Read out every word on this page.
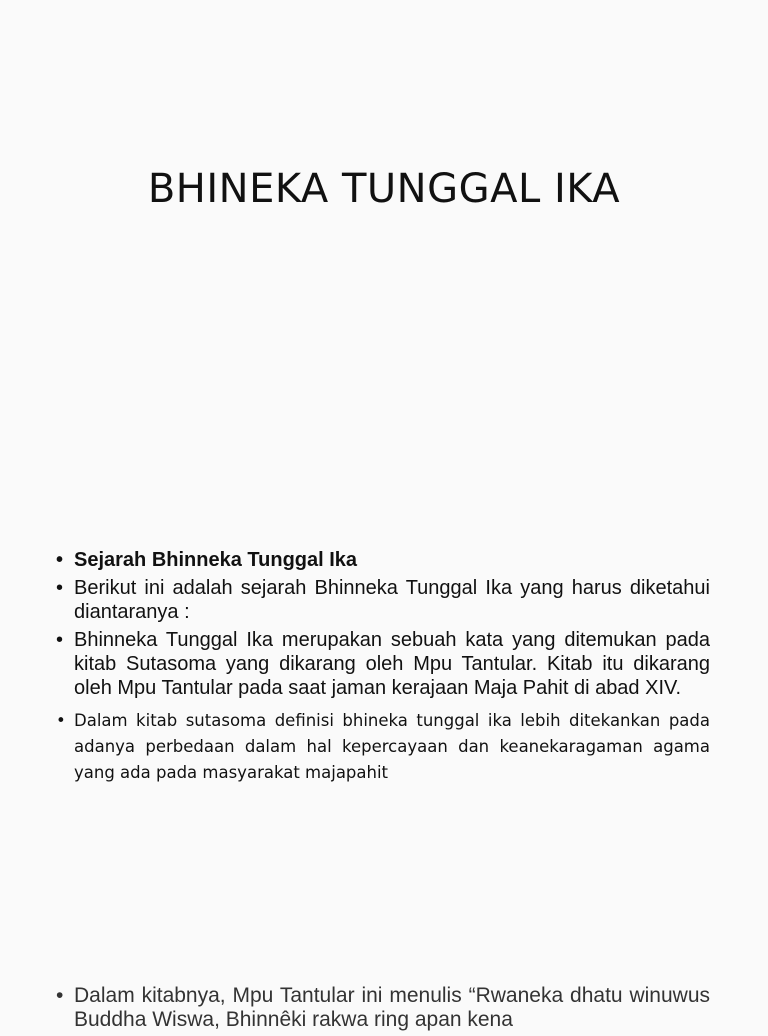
BHINEKA TUNGGAL IKA
• Sejarah Bhinneka Tunggal Ika
• Berikut ini adalah sejarah Bhinneka Tunggal Ika yang harus diketahui diantaranya :
• Bhinneka Tunggal Ika merupakan sebuah kata yang ditemukan pada kitab Sutasoma yang dikarang oleh Mpu Tantular. Kitab itu dikarang oleh Mpu Tantular pada saat jaman kerajaan Maja Pahit di abad XIV.
• Dalam kitab sutasoma definisi bhineka tunggal ika lebih ditekankan pada adanya perbedaan dalam hal kepercayaan dan keanekaragaman agama yang ada pada masyarakat majapahit
• Dalam kitabnya, Mpu Tantular ini menulis “Rwaneka dhatu winuwus Buddha Wiswa, Bhinnêki rakwa ring apan kena
